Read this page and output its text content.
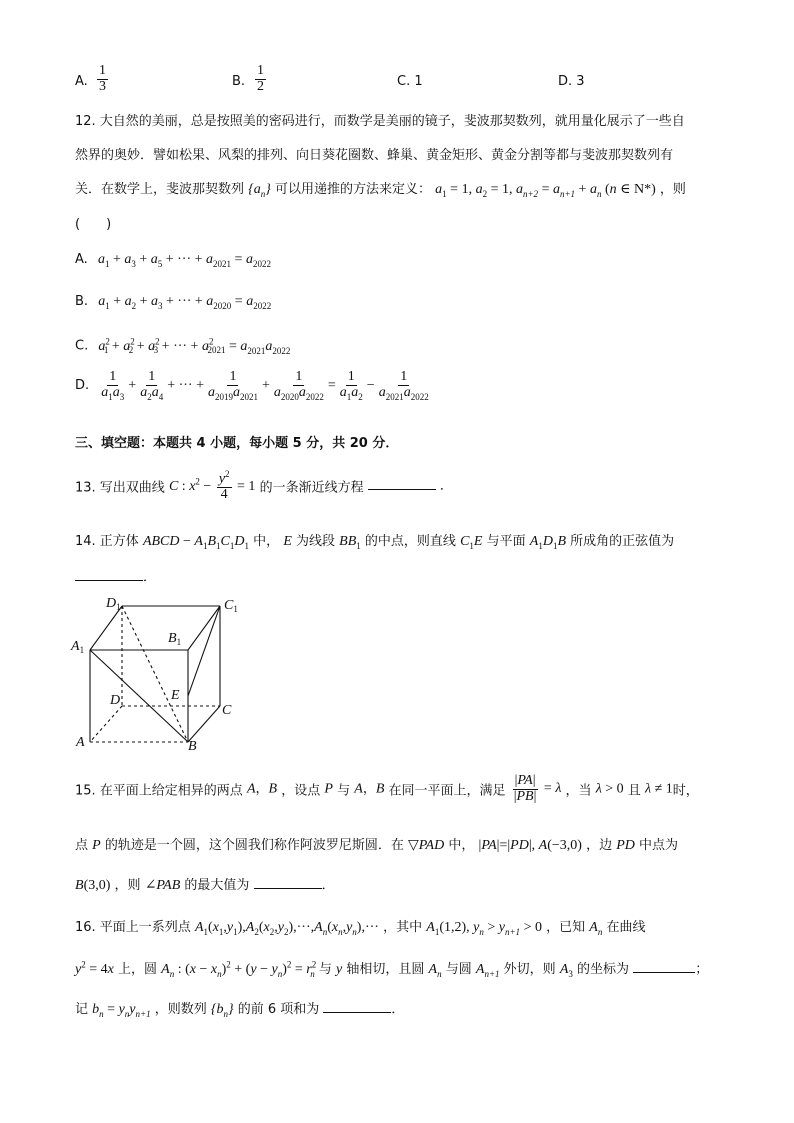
A. $\frac{1}{3}$	B. $\frac{1}{2}$	C. 1	D. 3
12. 大自然的美丽，总是按照美的密码进行，而数学是美丽的镜子，斐波那契数列，就用量化展示了一些自
然界的奥妙．譬如松果、风梨的排列、向日葵花圈数、蜂巢、黄金矩形、黄金分割等都与斐波那契数列有
关．在数学上，斐波那契数列 $\{a_n\}$ 可以用递推的方法来定义： $a_1 = 1$, $a_2 = 1$, $a_{n+2} = a_{n+1} + a_n$ (n ∈ N*) ，则
(　　)
A. $a_1 + a_3 + a_5$ + ··· + $a_{2021} = a_{2022}$
B. $a_1 + a_2 + a_3$ + ··· + $a_{2020} = a_{2022}$
C. $a^2_1 + a^2_2 + a^2_3$ + ··· + $a^2_{2021} = a_{2021}a_{2022}$
D. $\frac{1}{a_1a_3} + \frac{1}{a_2a_4}$ + ··· + $\frac{1}{a_{2019}a_{2021}} + \frac{1}{a_{2020}a_{2022}} = \frac{1}{a_1a_2} - \frac{1}{a_{2021}a_{2022}}$
三、填空题：本题共 4 小题，每小题 5 分，共 20 分．
13. 写出双曲线 C : $x^2 - \frac{y^2}{4} = 1$ 的一条渐近线方程	．
14. 正方体 ABCD − $A_1B_1C_1D_1$ 中， E 为线段 $BB_1$ 的中点，则直线 $C_1E$ 与平面 $A_1D_1B$ 所成角的正弦值为
．
$D_1$	$C_1$
$B_1$
$A_1$
E
D
C
A	B
15. 在平面上给定相异的两点 A，B ，设点 P 与 A，B 在同一平面上，满足 $\frac{|PA|}{|PB|} = \lambda$ ，当 λ > 0 且 λ ≠ 1时，
点 P 的轨迹是一个圆，这个圆我们称作阿波罗尼斯圆．在 ▽PAD 中， |PA|=|PD|, A(−3,0) ，边 PD 中点为
B(3,0) ，则 ∠PAB 的最大值为	．
16. 平面上一系列点 $A_1(x_1,y_1),A_2(x_2,y_2),\cdot\cdot\cdot,A_n(x_n,y_n),\cdot\cdot\cdot$ ，其中 $A_1(1,2)$, $y_n > y_{n+1} > 0$ ，已知 $A_n$ 在曲线
$y^2 = 4x$ 上，圆 $A_n$ : $(x - x_n)^2 + (y - y_n)^2 = r^2_n$ 与 y 轴相切，且圆 $A_n$ 与圆 $A_{n+1}$ 外切，则 $A_3$ 的坐标为	；
记 $b_n = y_ny_{n+1}$ ，则数列 $\{b_n\}$ 的前 6 项和为	．
